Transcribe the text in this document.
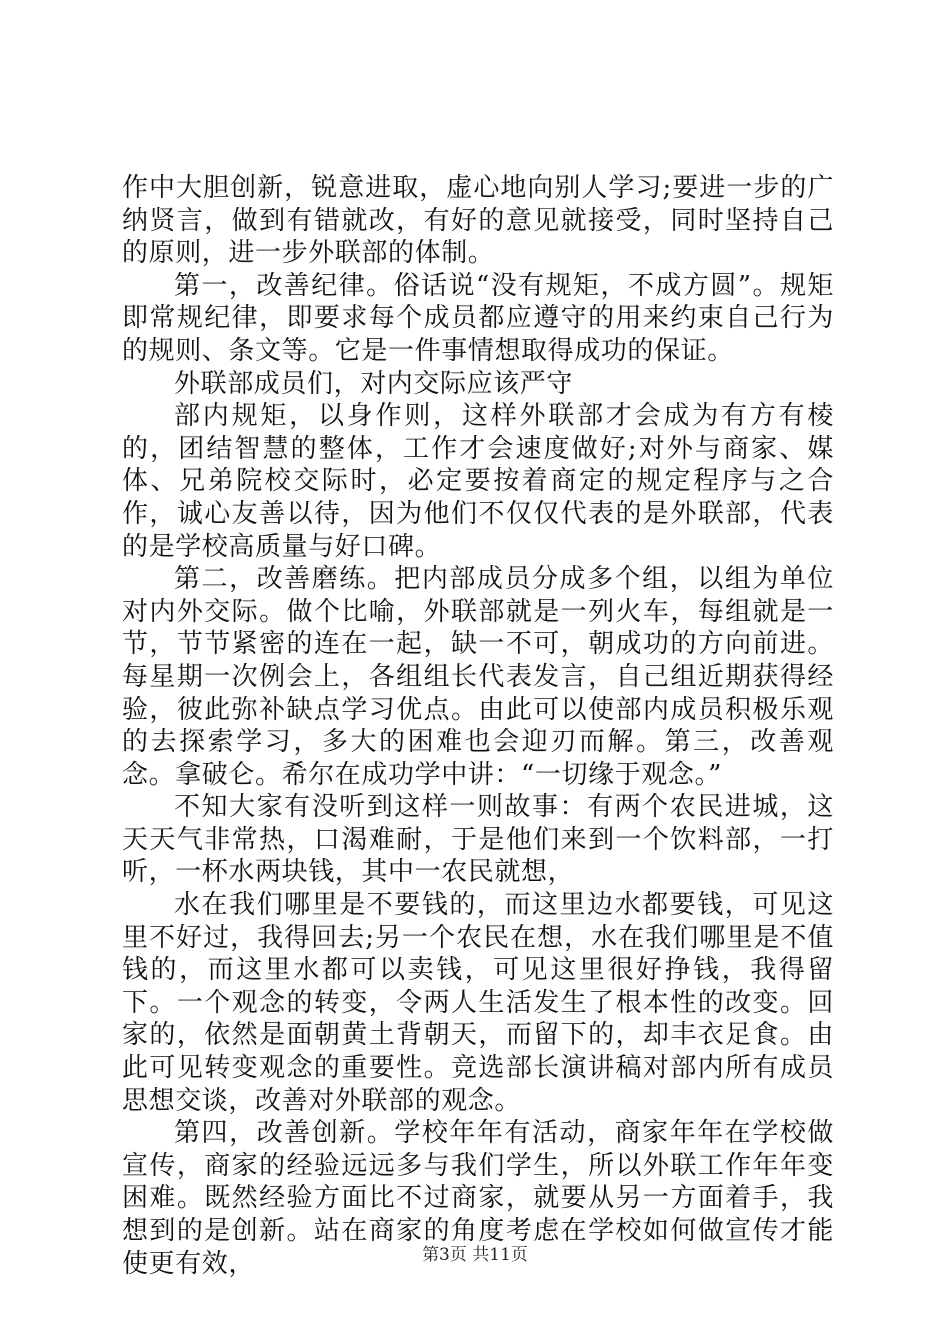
作中大胆创新，锐意进取，虚心地向别人学习;要进一步的广纳贤言，做到有错就改，有好的意见就接受，同时坚持自己的原则，进一步外联部的体制。

第一，改善纪律。俗话说“没有规矩，不成方圆”。规矩即常规纪律，即要求每个成员都应遵守的用来约束自己行为的规则、条文等。它是一件事情想取得成功的保证。

外联部成员们，对内交际应该严守

部内规矩，以身作则，这样外联部才会成为有方有棱的，团结智慧的整体，工作才会速度做好;对外与商家、媒体、兄弟院校交际时，必定要按着商定的规定程序与之合作，诚心友善以待，因为他们不仅仅代表的是外联部，代表的是学校高质量与好口碑。

第二，改善磨练。把内部成员分成多个组，以组为单位对内外交际。做个比喻，外联部就是一列火车，每组就是一节，节节紧密的连在一起，缺一不可，朝成功的方向前进。每星期一次例会上，各组组长代表发言，自己组近期获得经验，彼此弥补缺点学习优点。由此可以使部内成员积极乐观的去探索学习，多大的困难也会迎刃而解。第三，改善观念。拿破仑。希尔在成功学中讲：“一切缘于观念。”

不知大家有没听到这样一则故事：有两个农民进城，这天天气非常热，口渴难耐，于是他们来到一个饮料部，一打听，一杯水两块钱，其中一农民就想，

水在我们哪里是不要钱的，而这里边水都要钱，可见这里不好过，我得回去;另一个农民在想，水在我们哪里是不值钱的，而这里水都可以卖钱，可见这里很好挣钱，我得留下。一个观念的转变，令两人生活发生了根本性的改变。回家的，依然是面朝黄土背朝天，而留下的，却丰衣足食。由此可见转变观念的重要性。竞选部长演讲稿对部内所有成员思想交谈，改善对外联部的观念。

第四，改善创新。学校年年有活动，商家年年在学校做宣传，商家的经验远远多与我们学生，所以外联工作年年变困难。既然经验方面比不过商家，就要从另一方面着手，我想到的是创新。站在商家的角度考虑在学校如何做宣传才能使更有效，	第3页 共11页
